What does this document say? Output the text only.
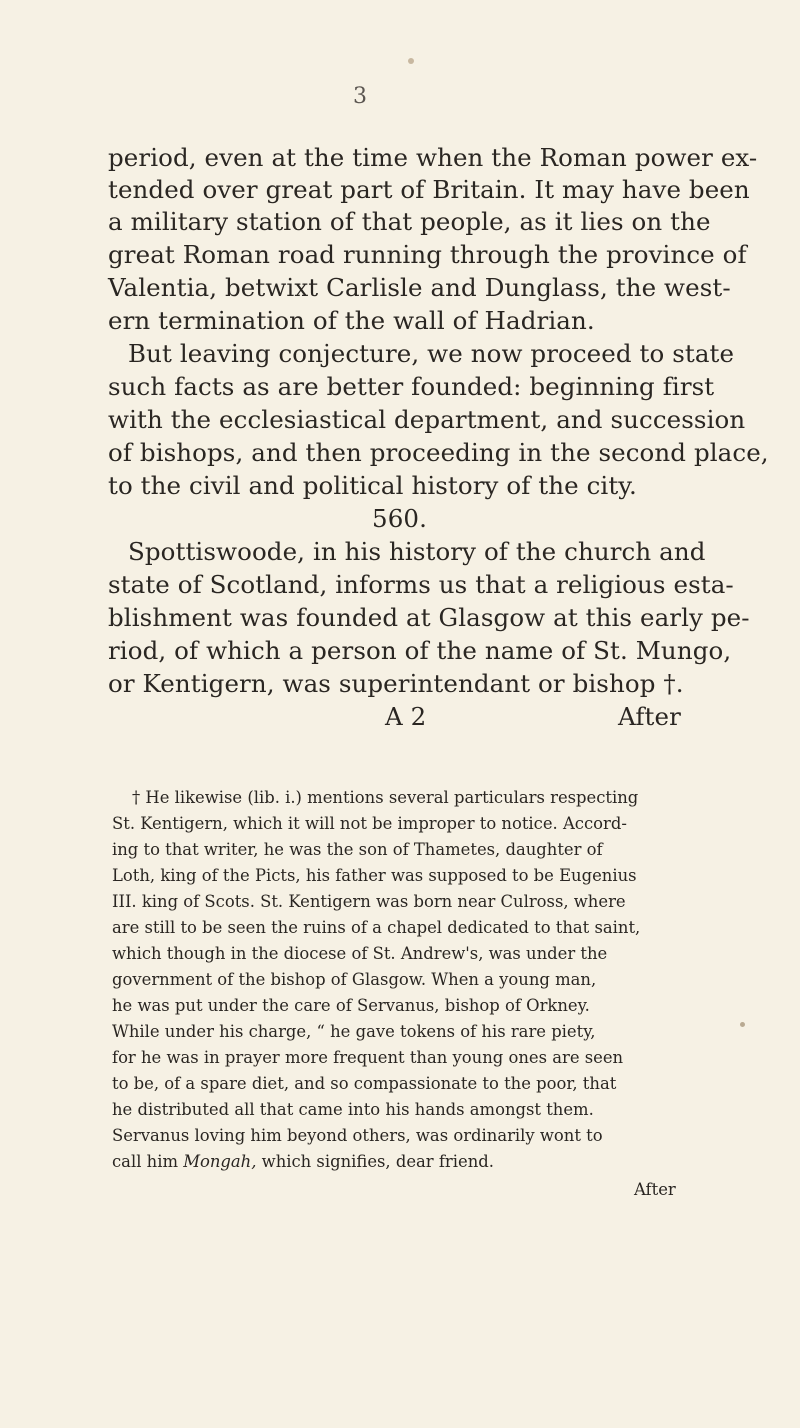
3
period, even at the time when the Roman power ex-
tended over great part of Britain. It may have been
a military station of that people, as it lies on the
great Roman road running through the province of
Valentia, betwixt Carlisle and Dunglass, the west-
ern termination of the wall of Hadrian.
But leaving conjecture, we now proceed to state
such facts as are better founded: beginning first
with the ecclesiastical department, and succession
of bishops, and then proceeding in the second place,
to the civil and political history of the city.
560.
Spottiswoode, in his history of the church and
state of Scotland, informs us that a religious esta-
blishment was founded at Glasgow at this early pe-
riod, of which a person of the name of St. Mungo,
or Kentigern, was superintendant or bishop †.
A 2	After
† He likewise (lib. i.) mentions several particulars respecting
St. Kentigern, which it will not be improper to notice. Accord-
ing to that writer, he was the son of Thametes, daughter of
Loth, king of the Picts, his father was supposed to be Eugenius
III. king of Scots. St. Kentigern was born near Culross, where
are still to be seen the ruins of a chapel dedicated to that saint,
which though in the diocese of St. Andrew's, was under the
government of the bishop of Glasgow. When a young man,
he was put under the care of Servanus, bishop of Orkney.
While under his charge, “ he gave tokens of his rare piety,
for he was in prayer more frequent than young ones are seen
to be, of a spare diet, and so compassionate to the poor, that
he distributed all that came into his hands amongst them.
Servanus loving him beyond others, was ordinarily wont to
call him Mongah, which signifies, dear friend.
After
